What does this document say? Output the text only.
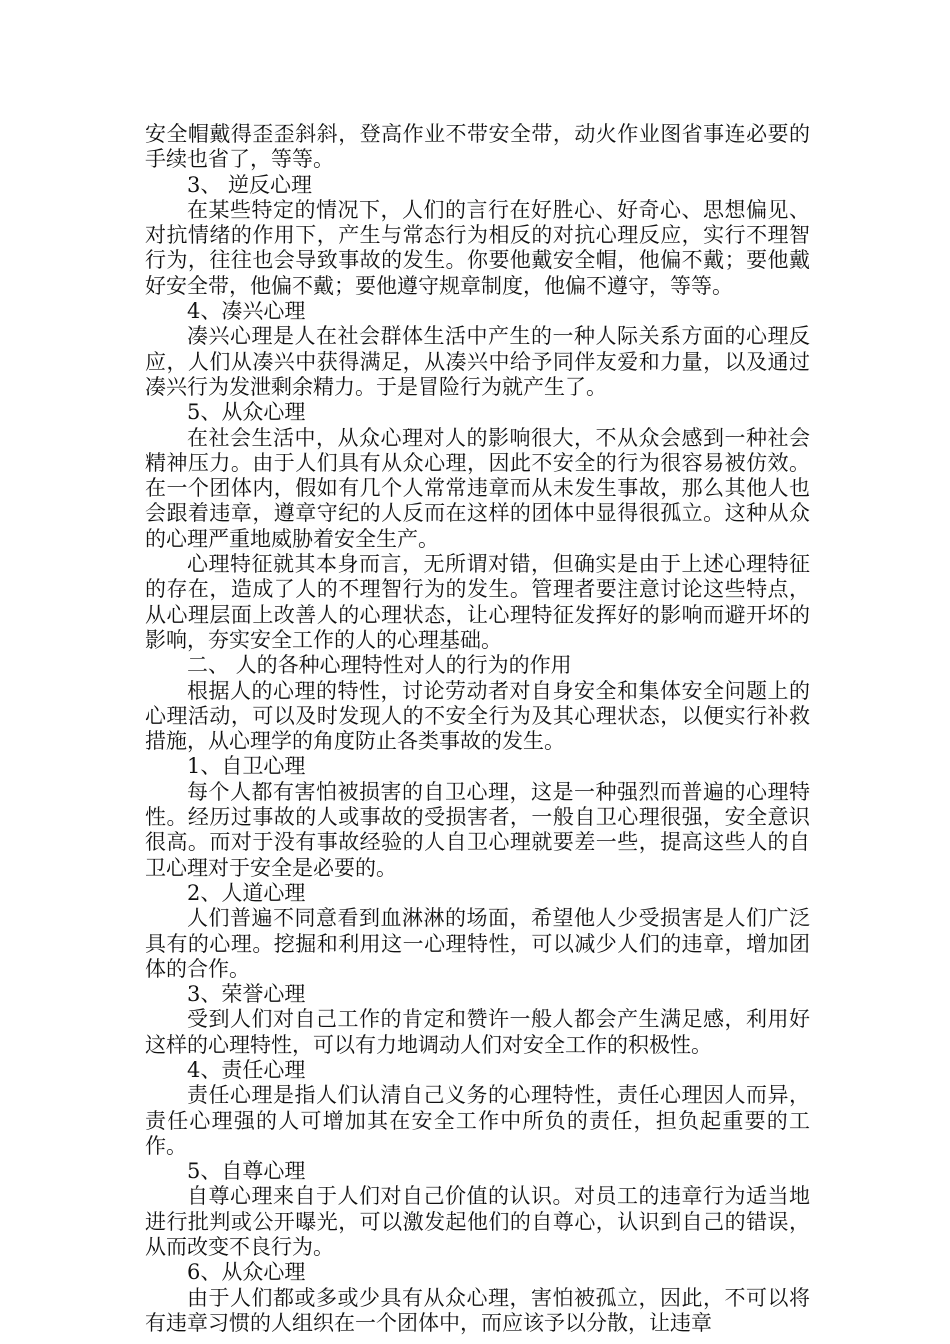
安全帽戴得歪歪斜斜，登高作业不带安全带，动火作业图省事连必要的手续也省了，等等。

3、 逆反心理

在某些特定的情况下，人们的言行在好胜心、好奇心、思想偏见、对抗情绪的作用下，产生与常态行为相反的对抗心理反应，实行不理智行为，往往也会导致事故的发生。你要他戴安全帽，他偏不戴；要他戴好安全带，他偏不戴；要他遵守规章制度，他偏不遵守，等等。

4、凑兴心理

凑兴心理是人在社会群体生活中产生的一种人际关系方面的心理反应，人们从凑兴中获得满足，从凑兴中给予同伴友爱和力量，以及通过凑兴行为发泄剩余精力。于是冒险行为就产生了。

5、从众心理

在社会生活中，从众心理对人的影响很大，不从众会感到一种社会精神压力。由于人们具有从众心理，因此不安全的行为很容易被仿效。在一个团体内，假如有几个人常常违章而从未发生事故，那么其他人也会跟着违章，遵章守纪的人反而在这样的团体中显得很孤立。这种从众的心理严重地威胁着安全生产。

心理特征就其本身而言，无所谓对错，但确实是由于上述心理特征的存在，造成了人的不理智行为的发生。管理者要注意讨论这些特点，从心理层面上改善人的心理状态，让心理特征发挥好的影响而避开坏的影响，夯实安全工作的人的心理基础。

二、 人的各种心理特性对人的行为的作用

根据人的心理的特性，讨论劳动者对自身安全和集体安全问题上的心理活动，可以及时发现人的不安全行为及其心理状态，以便实行补救措施，从心理学的角度防止各类事故的发生。

1、自卫心理

每个人都有害怕被损害的自卫心理，这是一种强烈而普遍的心理特性。经历过事故的人或事故的受损害者，一般自卫心理很强，安全意识很高。而对于没有事故经验的人自卫心理就要差一些，提高这些人的自卫心理对于安全是必要的。

2、人道心理

人们普遍不同意看到血淋淋的场面，希望他人少受损害是人们广泛具有的心理。挖掘和利用这一心理特性，可以减少人们的违章，增加团体的合作。

3、荣誉心理

受到人们对自己工作的肯定和赞许一般人都会产生满足感，利用好这样的心理特性，可以有力地调动人们对安全工作的积极性。

4、责任心理

责任心理是指人们认清自己义务的心理特性，责任心理因人而异，责任心理强的人可增加其在安全工作中所负的责任，担负起重要的工作。

5、自尊心理

自尊心理来自于人们对自己价值的认识。对员工的违章行为适当地进行批判或公开曝光，可以激发起他们的自尊心，认识到自己的错误，从而改变不良行为。

6、从众心理

由于人们都或多或少具有从众心理，害怕被孤立，因此，不可以将有违章习惯的人组织在一个团体中，而应该予以分散，让违章
